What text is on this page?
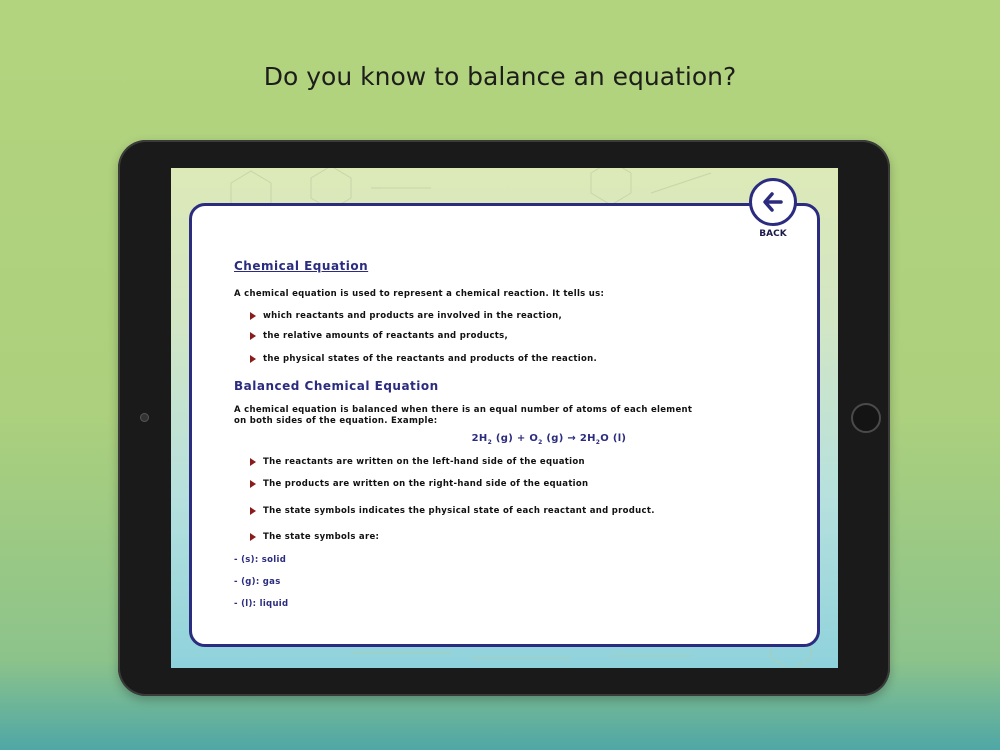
Do you know to balance an equation?
Chemical Equation
A chemical equation is used to represent a chemical reaction. It tells us:
which reactants and products are involved in the reaction,
the relative amounts of reactants and products,
the physical states of the reactants and products of the reaction.
Balanced Chemical Equation
A chemical equation is balanced when there is an equal number of atoms of each element
on both sides of the equation. Example:
$2H_2$ $(g) + O_2$ $(g) \to 2H_2O$ (l)
The reactants are written on the left-hand side of the equation
The products are written on the right-hand side of the equation
The state symbols indicates the physical state of each reactant and product.
The state symbols are:
- (s): solid
- (g): gas
- (l): liquid
BACK
